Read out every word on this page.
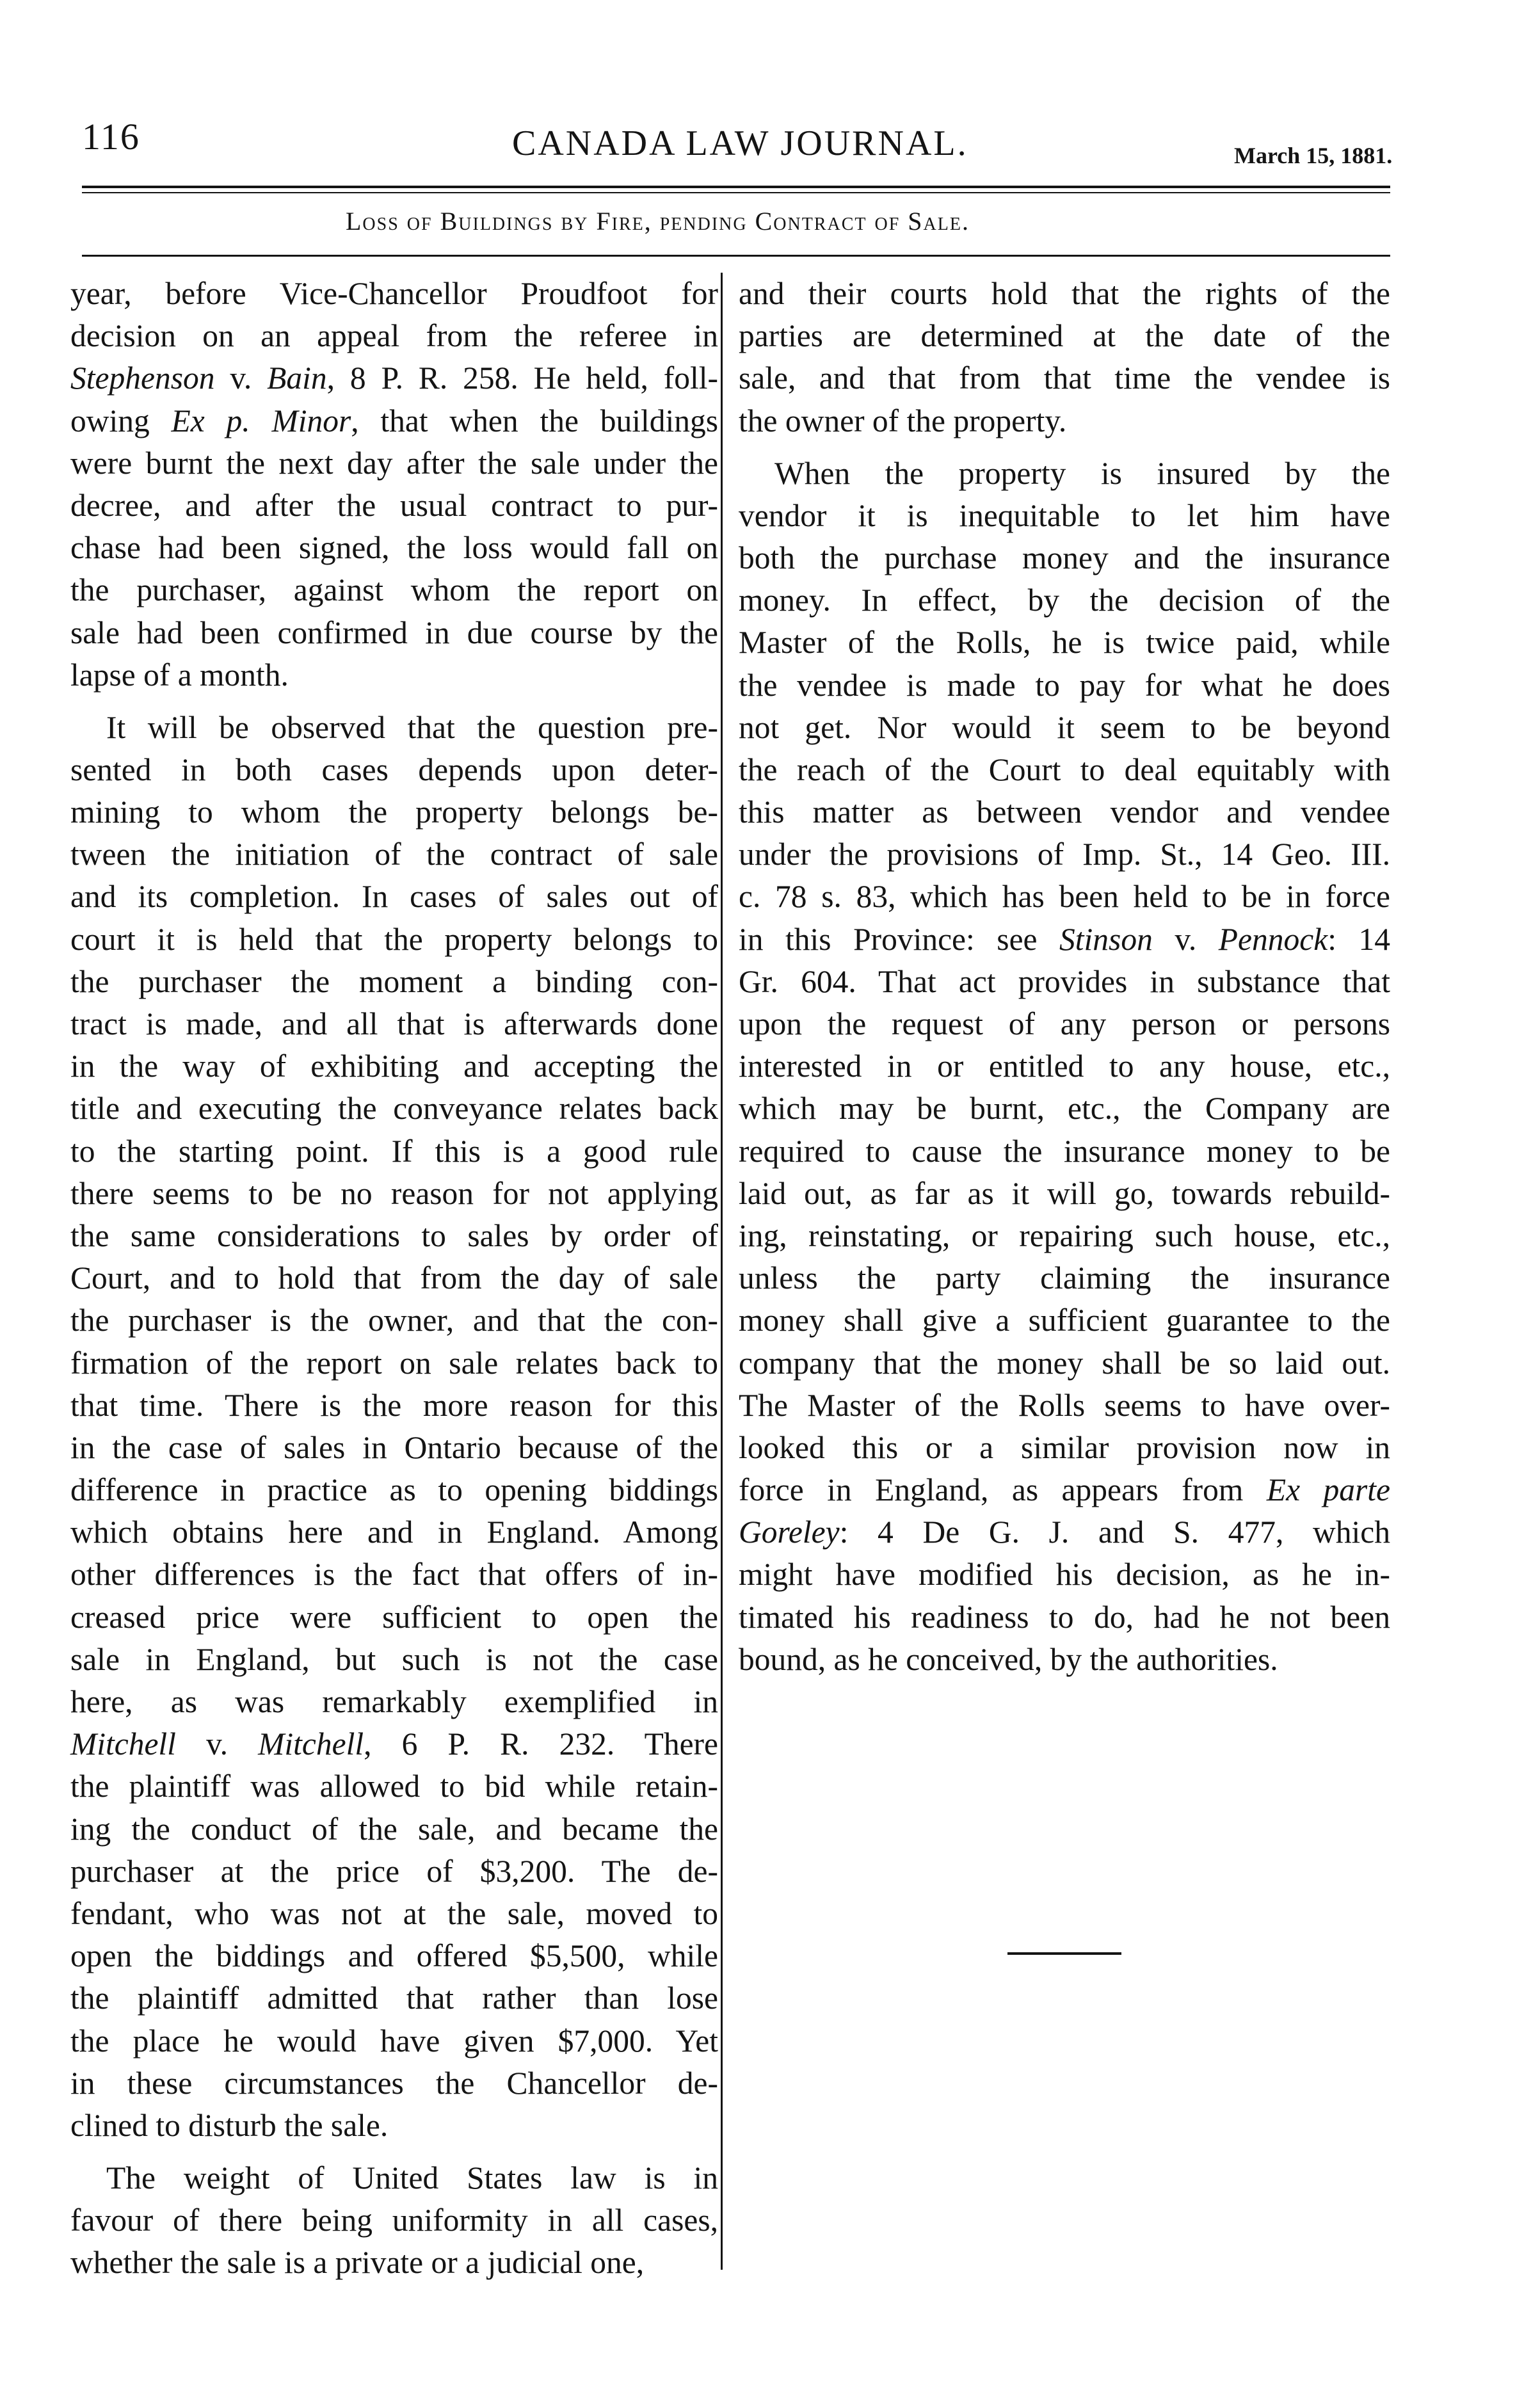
116	CANADA LAW JOURNAL.	March 15, 1881.
Loss of Buildings by Fire, pending Contract of Sale.
year, before Vice-Chancellor Proudfoot for
decision on an appeal from the referee in
Stephenson v. Bain, 8 P. R. 258. He held, foll-
owing Ex p. Minor, that when the buildings
were burnt the next day after the sale under the
decree, and after the usual contract to pur-
chase had been signed, the loss would fall on
the purchaser, against whom the report on
sale had been confirmed in due course by the
lapse of a month.
It will be observed that the question pre-
sented in both cases depends upon deter-
mining to whom the property belongs be-
tween the initiation of the contract of sale
and its completion. In cases of sales out of
court it is held that the property belongs to
the purchaser the moment a binding con-
tract is made, and all that is afterwards done
in the way of exhibiting and accepting the
title and executing the conveyance relates back
to the starting point. If this is a good rule
there seems to be no reason for not applying
the same considerations to sales by order of
Court, and to hold that from the day of sale
the purchaser is the owner, and that the con-
firmation of the report on sale relates back to
that time. There is the more reason for this
in the case of sales in Ontario because of the
difference in practice as to opening biddings
which obtains here and in England. Among
other differences is the fact that offers of in-
creased price were sufficient to open the
sale in England, but such is not the case
here, as was remarkably exemplified in
Mitchell v. Mitchell, 6 P. R. 232. There
the plaintiff was allowed to bid while retain-
ing the conduct of the sale, and became the
purchaser at the price of $3,200. The de-
fendant, who was not at the sale, moved to
open the biddings and offered $5,500, while
the plaintiff admitted that rather than lose
the place he would have given $7,000. Yet
in these circumstances the Chancellor de-
clined to disturb the sale.
The weight of United States law is in
favour of there being uniformity in all cases,
whether the sale is a private or a judicial one,
and their courts hold that the rights of the
parties are determined at the date of the
sale, and that from that time the vendee is
the owner of the property.
When the property is insured by the
vendor it is inequitable to let him have
both the purchase money and the insurance
money. In effect, by the decision of the
Master of the Rolls, he is twice paid, while
the vendee is made to pay for what he does
not get. Nor would it seem to be beyond
the reach of the Court to deal equitably with
this matter as between vendor and vendee
under the provisions of Imp. St., 14 Geo. III.
c. 78 s. 83, which has been held to be in force
in this Province: see Stinson v. Pennock: 14
Gr. 604. That act provides in substance that
upon the request of any person or persons
interested in or entitled to any house, etc.,
which may be burnt, etc., the Company are
required to cause the insurance money to be
laid out, as far as it will go, towards rebuild-
ing, reinstating, or repairing such house, etc.,
unless the party claiming the insurance
money shall give a sufficient guarantee to the
company that the money shall be so laid out.
The Master of the Rolls seems to have over-
looked this or a similar provision now in
force in England, as appears from Ex parte
Goreley: 4 De G. J. and S. 477, which
might have modified his decision, as he in-
timated his readiness to do, had he not been
bound, as he conceived, by the authorities.
